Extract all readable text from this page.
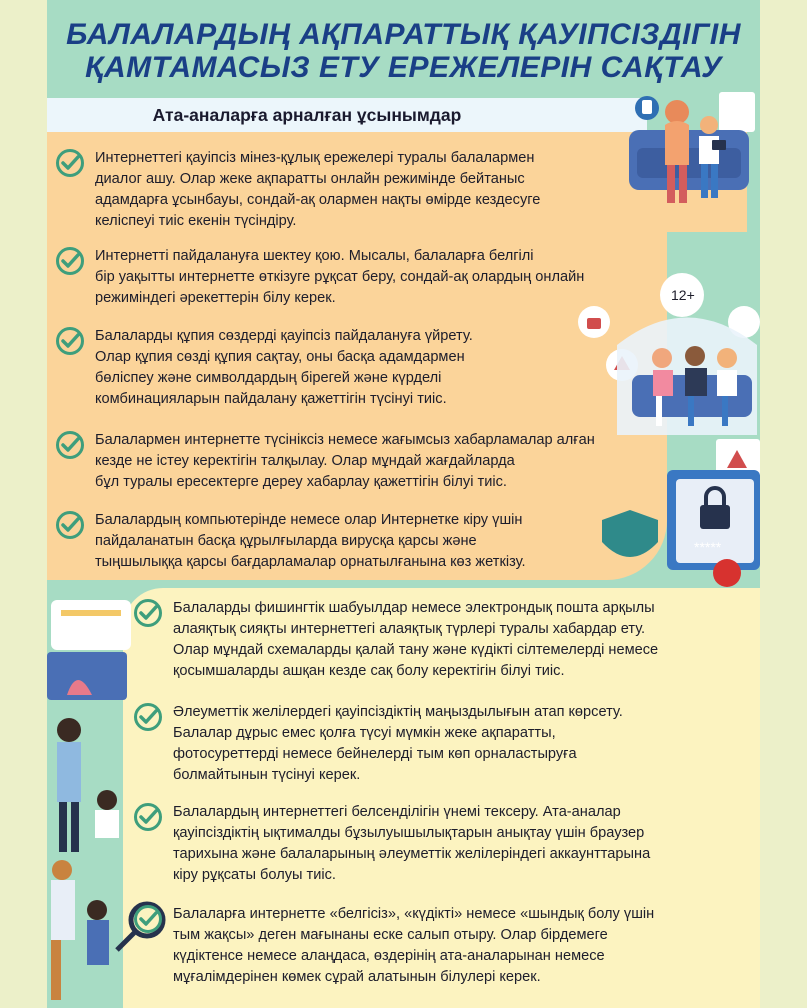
БАЛАЛАРДЫҢ АҚПАРАТТЫҚ ҚАУІПСІЗДІГІН
ҚАМТАМАСЫЗ ЕТУ ЕРЕЖЕЛЕРІН САҚТАУ
Ата-аналарға арналған ұсынымдар
12+
*****
Интернеттегі қауіпсіз мінез-құлық ережелері туралы балалармен
диалог ашу. Олар жеке ақпаратты онлайн режимінде бейтаныс
адамдарға ұсынбауы, сондай-ақ олармен нақты өмірде кездесуге
келіспеуі тиіс екенін түсіндіру.
Интернетті пайдалануға шектеу қою. Мысалы, балаларға белгілі
бір уақытты интернетте өткізуге рұқсат беру, сондай-ақ олардың онлайн
режиміндегі әрекеттерін білу керек.
Балаларды құпия сөздерді қауіпсіз пайдалануға үйрету.
Олар құпия сөзді құпия сақтау, оны басқа адамдармен
бөліспеу және символдардың бірегей және күрделі
комбинацияларын пайдалану қажеттігін түсінуі тиіс.
Балалармен интернетте түсініксіз немесе жағымсыз хабарламалар алған
кезде не істеу керектігін талқылау. Олар мұндай жағдайларда
бұл туралы ересектерге дереу хабарлау қажеттігін білуі тиіс.
Балалардың компьютерінде немесе олар Интернетке кіру үшін
пайдаланатын басқа құрылғыларда вирусқа қарсы және
тыңшылыққа қарсы бағдарламалар орнатылғанына көз жеткізу.
Балаларды фишингтік шабуылдар немесе электрондық пошта арқылы
алаяқтық сияқты интернеттегі алаяқтық түрлері туралы хабардар ету.
Олар мұндай схемаларды қалай тану және күдікті сілтемелерді немесе
қосымшаларды ашқан кезде сақ болу керектігін білуі тиіс.
Әлеуметтік желілердегі қауіпсіздіктің маңыздылығын атап көрсету.
Балалар дұрыс емес қолға түсуі мүмкін жеке ақпаратты,
фотосуреттерді немесе бейнелерді тым көп орналастыруға
болмайтынын түсінуі керек.
Балалардың интернеттегі белсенділігін үнемі тексеру. Ата-аналар
қауіпсіздіктің ықтималды бұзылуышылықтарын анықтау үшін браузер
тарихына және балаларының әлеуметтік желілеріндегі аккаунттарына
кіру рұқсаты болуы тиіс.
Балаларға интернетте «белгісіз», «күдікті» немесе «шындық болу үшін
тым жақсы» деген мағынаны еске салып отыру. Олар бірдемеге
күдіктенсе немесе алаңдаса, өздерінің ата-аналарынан немесе
мұғалімдерінен көмек сұрай алатынын білулері керек.
